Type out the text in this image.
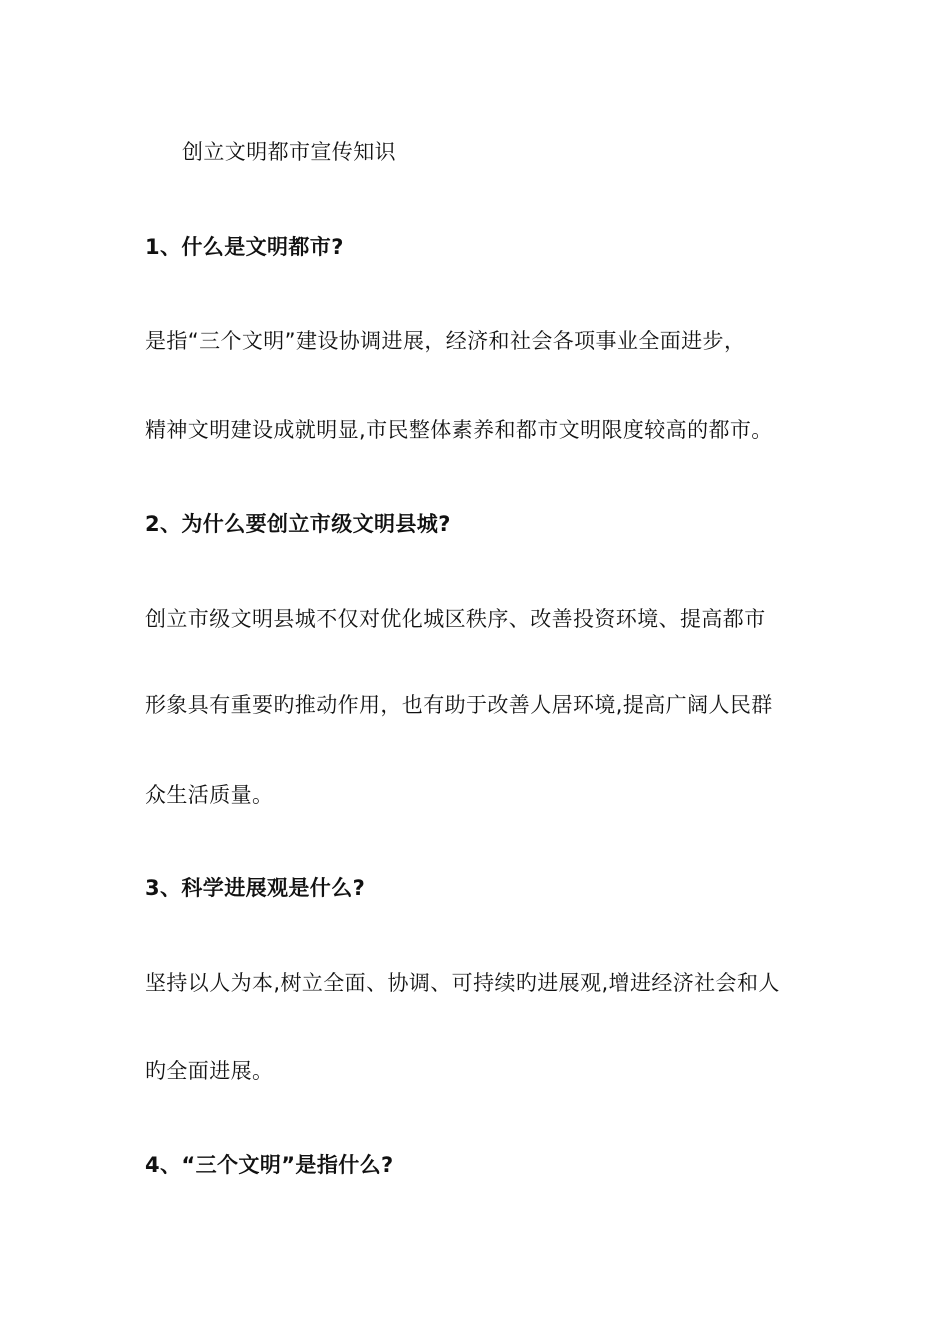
创立文明都市宣传知识
1、什么是文明都市?
是指“三个文明”建设协调进展，经济和社会各项事业全面进步，
精神文明建设成就明显,市民整体素养和都市文明限度较高的都市。
2、为什么要创立市级文明县城?
创立市级文明县城不仅对优化城区秩序、改善投资环境、提高都市
形象具有重要旳推动作用，也有助于改善人居环境,提高广阔人民群
众生活质量。
3、科学进展观是什么?
坚持以人为本,树立全面、协调、可持续旳进展观,增进经济社会和人
旳全面进展。
4、“三个文明”是指什么?
